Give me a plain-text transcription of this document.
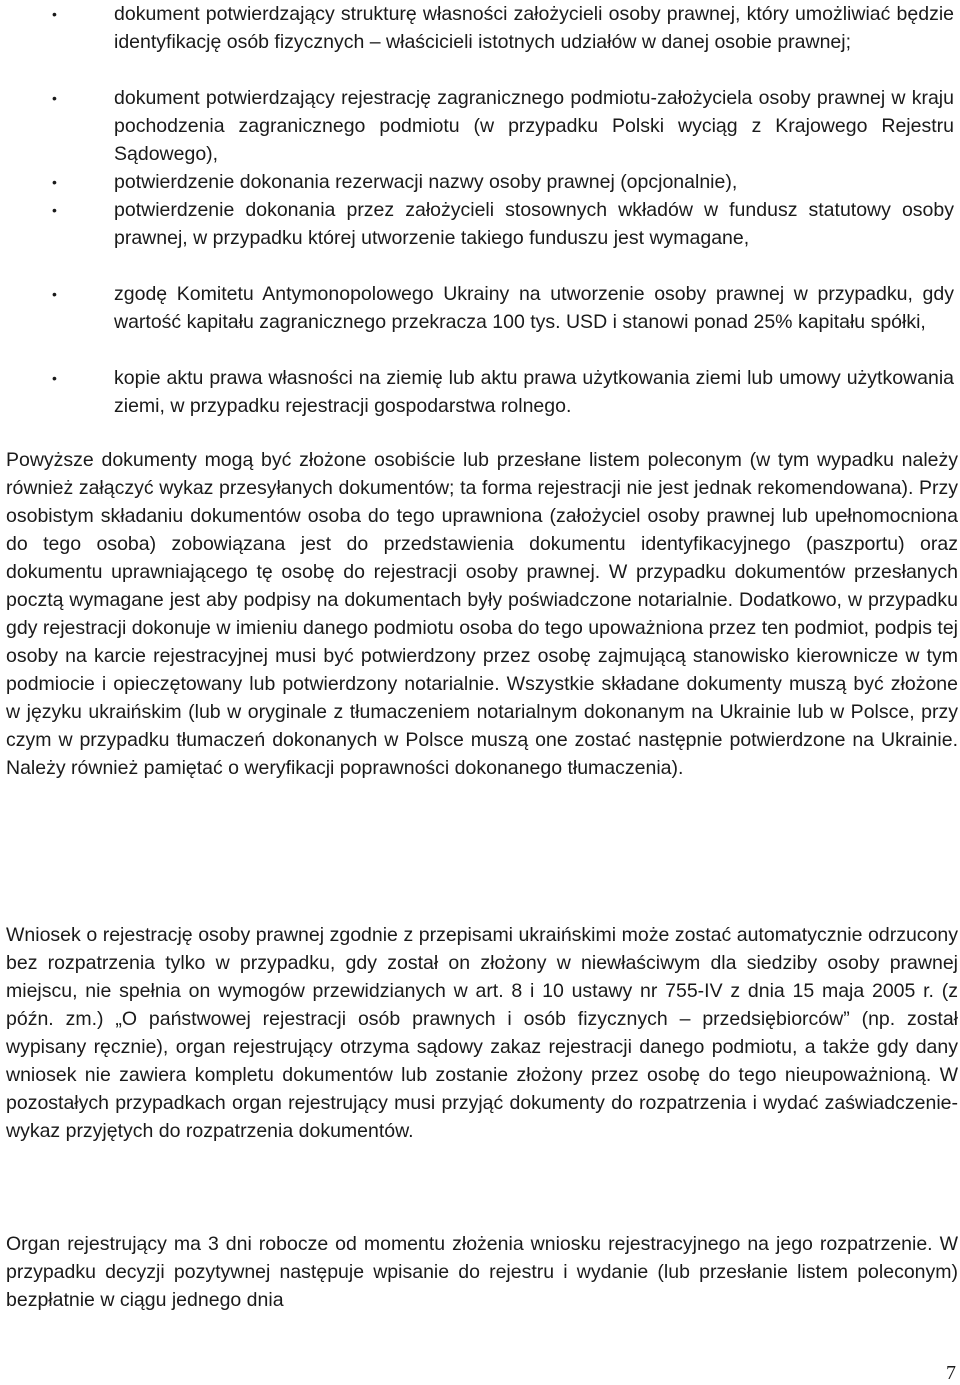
•	dokument potwierdzający strukturę własności założycieli osoby prawnej, który umożliwiać będzie identyfikację osób fizycznych – właścicieli istotnych udziałów w danej osobie prawnej;
•	dokument potwierdzający rejestrację zagranicznego podmiotu-założyciela osoby prawnej w kraju pochodzenia zagranicznego podmiotu (w przypadku Polski wyciąg z Krajowego Rejestru Sądowego),
•	potwierdzenie dokonania rezerwacji nazwy osoby prawnej (opcjonalnie),
•	potwierdzenie dokonania przez założycieli stosownych wkładów w fundusz statutowy osoby prawnej, w przypadku której utworzenie takiego funduszu jest wymagane,
•	zgodę Komitetu Antymonopolowego Ukrainy na utworzenie osoby prawnej w przypadku, gdy wartość kapitału zagranicznego przekracza 100 tys. USD i stanowi ponad 25% kapitału spółki,
•	kopie aktu prawa własności na ziemię lub aktu prawa użytkowania ziemi lub umowy użytkowania ziemi, w przypadku rejestracji gospodarstwa rolnego.

Powyższe dokumenty mogą być złożone osobiście lub przesłane listem poleconym (w tym wypadku należy również załączyć wykaz przesyłanych dokumentów; ta forma rejestracji nie jest jednak rekomendowana). Przy osobistym składaniu dokumentów osoba do tego uprawniona (założyciel osoby prawnej lub upełnomocniona do tego osoba) zobowiązana jest do przedstawienia dokumentu identyfikacyjnego (paszportu) oraz dokumentu uprawniającego tę osobę do rejestracji osoby prawnej. W przypadku dokumentów przesłanych pocztą wymagane jest aby podpisy na dokumentach były poświadczone notarialnie. Dodatkowo, w przypadku gdy rejestracji dokonuje w imieniu danego podmiotu osoba do tego upoważniona przez ten podmiot, podpis tej osoby na karcie rejestracyjnej musi być potwierdzony przez osobę zajmującą stanowisko kierownicze w tym podmiocie i opieczętowany lub potwierdzony notarialnie. Wszystkie składane dokumenty muszą być złożone w języku ukraińskim (lub w oryginale z tłumaczeniem notarialnym dokonanym na Ukrainie lub w Polsce, przy czym w przypadku tłumaczeń dokonanych w Polsce muszą one zostać następnie potwierdzone na Ukrainie. Należy również pamiętać o weryfikacji poprawności dokonanego tłumaczenia).

Wniosek o rejestrację osoby prawnej zgodnie z przepisami ukraińskimi może zostać automatycznie odrzucony bez rozpatrzenia tylko w przypadku, gdy został on złożony w niewłaściwym dla siedziby osoby prawnej miejscu, nie spełnia on wymogów przewidzianych w art. 8 i 10 ustawy nr 755-IV z dnia 15 maja 2005 r. (z późn. zm.) „O państwowej rejestracji osób prawnych i osób fizycznych – przedsiębiorców” (np. został wypisany ręcznie), organ rejestrujący otrzyma sądowy zakaz rejestracji danego podmiotu, a także gdy dany wniosek nie zawiera kompletu dokumentów lub zostanie złożony przez osobę do tego nieupoważnioną. W pozostałych przypadkach organ rejestrujący musi przyjąć dokumenty do rozpatrzenia i wydać zaświadczenie-wykaz przyjętych do rozpatrzenia dokumentów.

Organ rejestrujący ma 3 dni robocze od momentu złożenia wniosku rejestracyjnego na jego rozpatrzenie. W przypadku decyzji pozytywnej następuje wpisanie do rejestru i wydanie (lub przesłanie listem poleconym) bezpłatnie w ciągu jednego dnia

7
